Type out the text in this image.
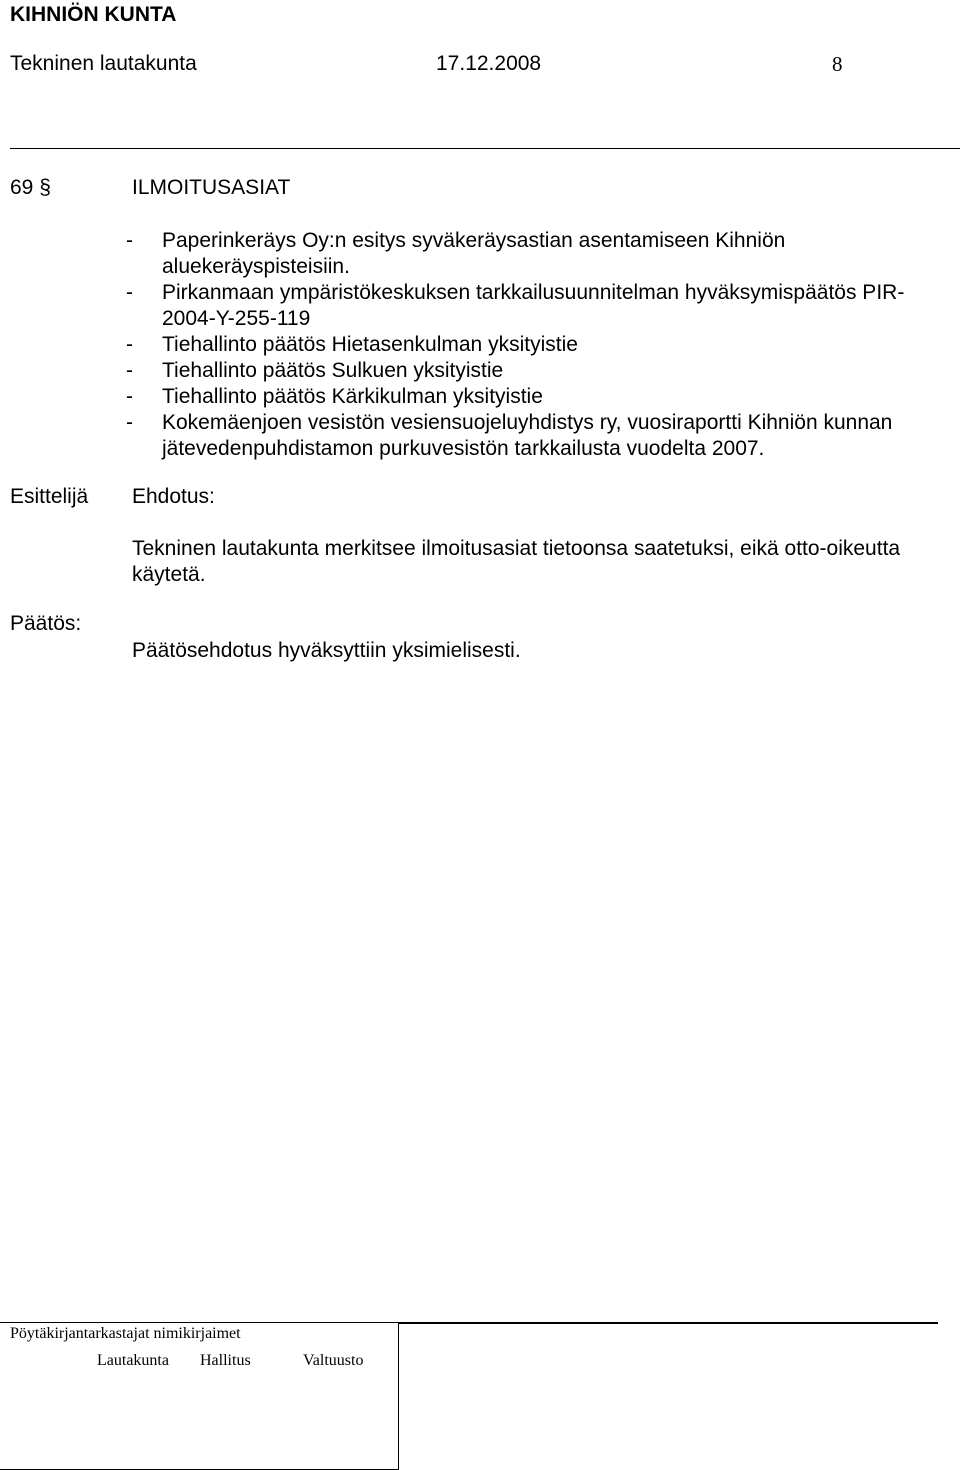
KIHNIÖN KUNTA
Tekninen lautakunta	17.12.2008	8
69 §	ILMOITUSASIAT
- Paperinkeräys Oy:n esitys syväkeräysastian asentamiseen Kihniön aluekeräyspisteisiin.
- Pirkanmaan ympäristökeskuksen tarkkailusuunnitelman hyväksymispäätös PIR-2004-Y-255-119
- Tiehallinto päätös Hietasenkulman yksityistie
- Tiehallinto päätös Sulkuen yksityistie
- Tiehallinto päätös Kärkikulman yksityistie
- Kokemäenjoen vesistön vesiensuojeluyhdistys ry, vuosiraportti Kihniön kunnan jätevedenpuhdistamon purkuvesistön tarkkailusta vuodelta 2007.
Esittelijä Ehdotus:
Tekninen lautakunta merkitsee ilmoitusasiat tietoonsa saatetuksi, eikä otto-oikeutta käytetä.
Päätös:
Päätösehdotus hyväksyttiin yksimielisesti.
Pöytäkirjantarkastajat nimikirjaimet
Lautakunta Hallitus	Valtuusto
